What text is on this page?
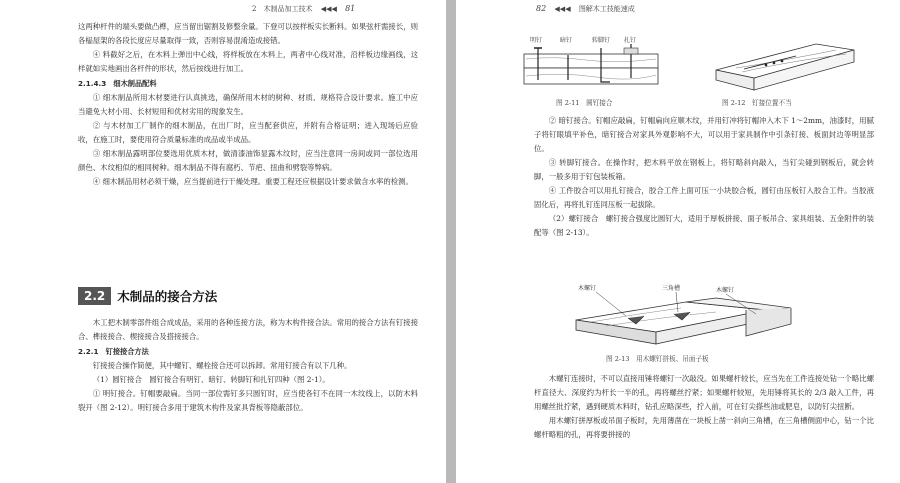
2　木制品加工技术 ◀◀◀ 81

这两种杆件的端头要做凸榫，应当留出锯割及修整余量。下登可以按样板实长断料。如果弦杆需接长，则各榀屋架的各段长度应尽量取得一致，否则容易混淆造成接错。

④ 料截好之后，在木料上弹出中心线，将样板放在木料上，两者中心线对准，沿样板边缘画线，这样就如实地画出各杆件的形状，然后按线进行加工。

2.1.4.3　细木制品配料

① 细木制品所用木材要进行认真挑选，确保所用木材的树种、材质、规格符合设计要求。施工中应当避免大材小用、长材短用和优材劣用的现象发生。

② 与木材加工厂制作的细木制品，在出厂时，应当配套供应，并附有合格证明；进入现场后应验收，在施工时，要使用符合质量标准的成品或半成品。

③ 细木制品露明部位要选用优质木材，做清漆油饰显露木纹时，应当注意同一房间或同一部位选用颜色、木纹相似的相同树种。细木制品不得有腐朽、节疤、扭曲和劈裂等弊病。

④ 细木制品用材必须干燥，应当提前进行干燥处理。重要工程还应根据设计要求做含水率的检测。

2.2 木制品的接合方法

木工把木制零部件组合成成品，采用的各种连接方法，称为木构件接合法。常用的接合方法有钉接接合、榫接接合、楔接接合及搭接接合。

2.2.1　钉接接合方法

钉接接合操作简便，其中螺钉、螺栓接合还可以拆卸。常用钉接合有以下几种。

（1）圆钉接合　圆钉接合有明钉、暗钉、转脚钉和扎钉四种（图 2-1）。

① 明钉接合。钉帽要敲扁。当同一部位需钉多只圆钉时，应当使各钉不在同一木纹线上，以防木料裂开（图 2-12）。明钉接合多用于建筑木构件及家具背板等隐蔽部位。

82 ◀◀◀ 图解木工技能速成
明钉	暗钉	转脚钉 扎钉
图 2-11　圆钉接合	图 2-12　钉接位置不当

② 暗钉接合。钉帽应敲扁，钉帽扁向应顺木纹，并用钉冲将钉帽冲入木下 1～2mm，油漆时，用腻子将钉眼填平补色，暗钉接合对家具外观影响不大，可以用于家具制作中引条钉接、板面封边等明显部位。

③ 转脚钉接合。在操作时，把木料平放在钢板上，将钉略斜向敲入，当钉尖碰到钢板后，就会转脚，一般多用于钉包装板箱。

④ 工件胶合可以用扎钉接合，胶合工件上面可压一小块胶合板，圆钉由压板钉入胶合工件。当胶液固化后，再将扎钉连同压板一起拔除。

（2）螺钉接合　螺钉接合强度比圆钉大，适用于厚板拼接、面子板吊合、家具组装、五金附件的装配等（图 2-13）。

木螺钉	三角槽	木螺钉
图 2-13　用木螺钉拼板、吊面子板

木螺钉连接时，不可以直接用锤将螺钉一次敲没。如果螺杆较长，应当先在工件连接处钻一个略比螺杆直径大、深度约为杆长一半的孔，再将螺丝拧紧；如果螺杆较短，先用锤将其长的 2/3 敲入工件，再用螺丝批拧紧，遇到硬质木料时，钻孔应略深些，拧入前，可在钉尖搽些油或肥皂，以防钉尖扭断。

用木螺钉拼厚板或吊面子板时，先用薄凿在一块板上凿一斜向三角槽，在三角槽侧面中心，钻一个比螺杆略粗的孔，再将要拼接的
